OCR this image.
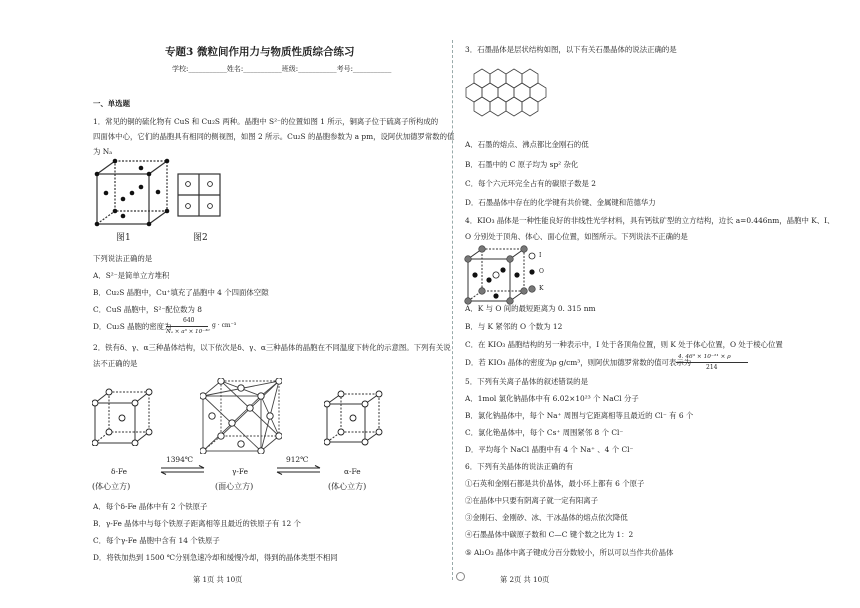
专题3 微粒间作用力与物质性质综合练习
学校:___________姓名:___________班级:___________考号:___________
一、单选题
1．常见的铜的硫化物有 CuS 和 Cu₂S 两种。晶胞中 S²⁻的位置如图 1 所示，铜离子位于硫离子所构成的
四面体中心，它们的晶胞具有相同的侧视图，如图 2 所示。Cu₂S 的晶胞参数为 a pm，设阿伏加德罗常数的值
为 Nₐ
图1	图2
下列说法正确的是
A．S²⁻是简单立方堆积
B．Cu₂S 晶胞中，Cu⁺填充了晶胞中 4 个四面体空隙
C．CuS 晶胞中，S²⁻配位数为 8
D．Cu₂S 晶胞的密度为
640
Nₐ × a³ × 10⁻³⁰
g · cm⁻³
2．铁有δ、γ、α三种晶体结构，以下依次是δ、γ、α三种晶体的晶胞在不同温度下转化的示意图。下列有关说
法不正确的是
1394℃	912℃
δ-Fe	γ-Fe	α-Fe
(体心立方)	(面心立方)	(体心立方)
A．每个δ-Fe 晶体中有 2 个铁原子
B．γ-Fe 晶体中与每个铁原子距离相等且最近的铁原子有 12 个
C．每个γ-Fe 晶胞中含有 14 个铁原子
D．将铁加热到 1500 ℃分别急速冷却和缓慢冷却，得到的晶体类型不相同
第 1页 共 10页
3．石墨晶体是层状结构如图，以下有关石墨晶体的说法正确的是
A．石墨的熔点、沸点都比金刚石的低
B．石墨中的 C 原子均为 sp² 杂化
C．每个六元环完全占有的碳原子数是 2
D．石墨晶体中存在的化学键有共价键、金属键和范德华力
4．KIO₃ 晶体是一种性能良好的非线性光学材料，具有钙钛矿型的立方结构，边长 a=0.446nm，晶胞中 K、I、
O 分别处于顶角、体心、面心位置，如图所示。下列说法不正确的是
I
O
K
A．K 与 O 间的最短距离为 0. 315 nm
B．与 K 紧邻的 O 个数为 12
C．在 KIO₃ 晶胞结构的另一种表示中，I 处于各顶角位置，则 K 处于体心位置，O 处于棱心位置
D．若 KIO₃ 晶体的密度为ρ g/cm³，则阿伏加德罗常数的值可表示为
4. 46³ × 10⁻²¹ × ρ
214
5．下列有关离子晶体的叙述错误的是
A．1mol 氯化钠晶体中有 6.02×10²³ 个 NaCl 分子
B．氯化钠晶体中，每个 Na⁺ 周围与它距离相等且最近的 Cl⁻ 有 6 个
C．氯化铯晶体中，每个 Cs⁺ 周围紧邻 8 个 Cl⁻
D．平均每个 NaCl 晶胞中有 4 个 Na⁺ 、4 个 Cl⁻
6．下列有关晶体的说法正确的有
①石英和金刚石都是共价晶体，最小环上都有 6 个原子
②在晶体中只要有阴离子就一定有阳离子
③金刚石、金刚砂、冰、干冰晶体的熔点依次降低
④石墨晶体中碳原子数和 C—C 键个数之比为 1：2
⑤ Al₂O₃ 晶体中离子键成分百分数较小，所以可以当作共价晶体
第 2页 共 10页
